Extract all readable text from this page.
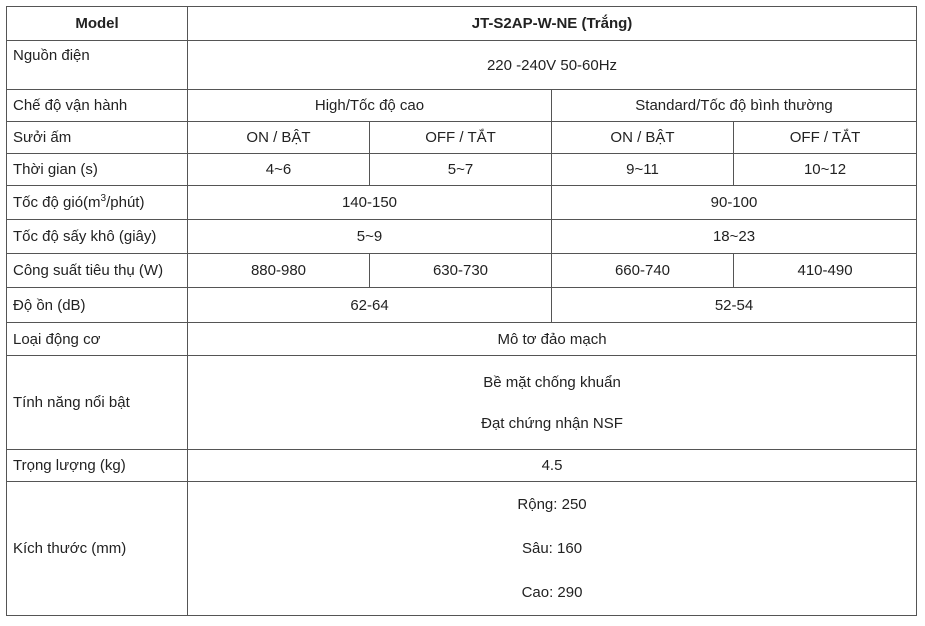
Model	JT-S2AP-W-NE (Trắng)			
Nguồn điện	220 -240V 50-60Hz			
Chế độ vận hành	High/Tốc độ cao		Standard/Tốc độ bình thường	
Sưởi ấm	ON / BẬT	OFF / TẮT	ON / BẬT	OFF / TẮT
Thời gian (s)	4~6	5~7	9~11	10~12
Tốc độ $gió(m^3/phút)$	140-150		90-100	
Tốc độ sấy khô (giây)	5~9		18~23	
Công suất tiêu thụ (W)	880-980	630-730	660-740	410-490
Độ ồn (dB)	62-64		52-54	
Loại động cơ	Mô tơ đảo mạch			
Tính năng nổi bật	Bề mặt chống khuẩn
Đạt chứng nhận NSF			

Trọng lượng (kg)	4.5			
Kích thước (mm)	Rộng: 250
Sâu: 160
Cao: 290			
